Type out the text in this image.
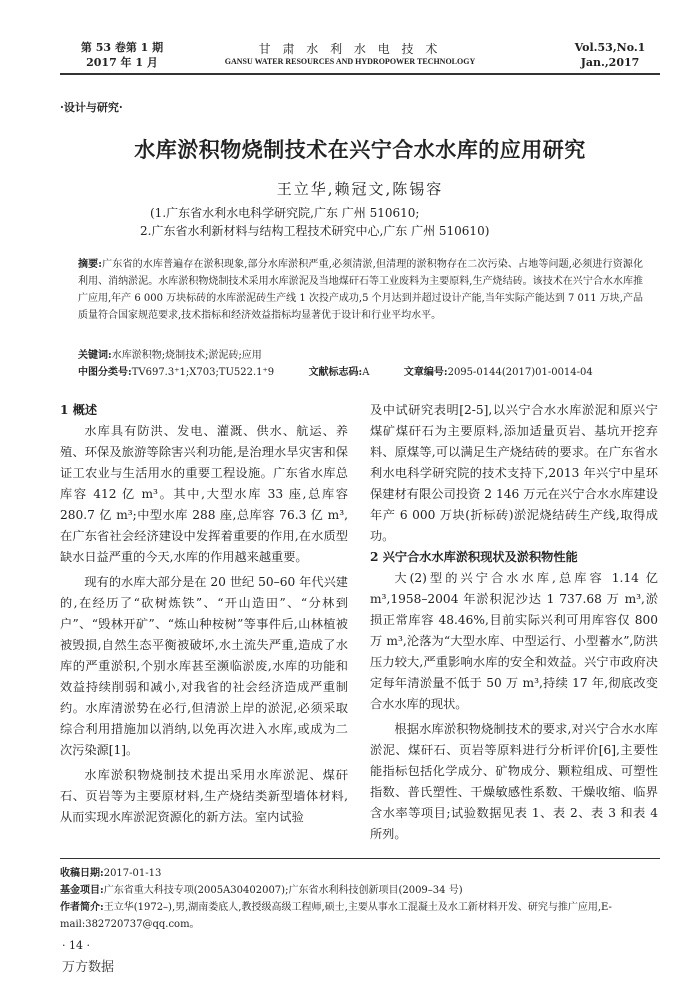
第 53 卷第 1 期
2017 年 1 月
甘 肃 水 利 水 电 技 术
GANSU WATER RESOURCES AND HYDROPOWER TECHNOLOGY
Vol.53,No.1
Jan.,2017
·设计与研究·
水库淤积物烧制技术在兴宁合水水库的应用研究
王立华,赖冠文,陈锡容
(1.广东省水利水电科学研究院,广东 广州 510610;
2.广东省水利新材料与结构工程技术研究中心,广东 广州 510610)
摘要:广东省的水库普遍存在淤积现象,部分水库淤积严重,必须清淤,但清理的淤积物存在二次污染、占地等问题,必须进行资源化利用、消纳淤泥。水库淤积物烧制技术采用水库淤泥及当地煤矸石等工业废料为主要原料,生产烧结砖。该技术在兴宁合水水库推广应用,年产 6 000 万块标砖的水库淤泥砖生产线 1 次投产成功,5 个月达到并超过设计产能,当年实际产能达到 7 011 万块,产品质量符合国家规范要求,技术指标和经济效益指标均显著优于设计和行业平均水平。
关键词:水库淤积物;烧制技术;淤泥砖;应用
中图分类号:TV697.3⁺1;X703;TU522.1⁺9	文献标志码:A	文章编号:2095-0144(2017)01-0014-04
1 概述

水库具有防洪、发电、灌溉、供水、航运、养殖、环保及旅游等除害兴利功能,是治理水旱灾害和保证工农业与生活用水的重要工程设施。广东省水库总库容 412 亿 m³。其中,大型水库 33 座,总库容 280.7 亿 m³;中型水库 288 座,总库容 76.3 亿 m³,在广东省社会经济建设中发挥着重要的作用,在水质型缺水日益严重的今天,水库的作用越来越重要。

现有的水库大部分是在 20 世纪 50–60 年代兴建的,在经历了“砍树炼铁”、“开山造田”、“分林到户”、“毁林开矿”、“炼山种桉树”等事件后,山林植被被毁损,自然生态平衡被破坏,水土流失严重,造成了水库的严重淤积,个别水库甚至濒临淤废,水库的功能和效益持续削弱和减小,对我省的社会经济造成严重制约。水库清淤势在必行,但清淤上岸的淤泥,必须采取综合利用措施加以消纳,以免再次进入水库,或成为二次污染源[1]。

水库淤积物烧制技术提出采用水库淤泥、煤矸石、页岩等为主要原材料,生产烧结类新型墙体材料,从而实现水库淤泥资源化的新方法。室内试验

及中试研究表明[2-5],以兴宁合水水库淤泥和原兴宁煤矿煤矸石为主要原料,添加适量页岩、基坑开挖弃料、原煤等,可以满足生产烧结砖的要求。在广东省水利水电科学研究院的技术支持下,2013 年兴宁中星环保建材有限公司投资 2 146 万元在兴宁合水水库建设年产 6 000 万块(折标砖)淤泥烧结砖生产线,取得成功。

2 兴宁合水水库淤积现状及淤积物性能

大(2)型的兴宁合水水库,总库容 1.14 亿 m³,1958–2004 年淤积泥沙达 1 737.68 万 m³,淤损正常库容 48.46%,目前实际兴利可用库容仅 800 万 m³,沦落为“大型水库、中型运行、小型蓄水”,防洪压力较大,严重影响水库的安全和效益。兴宁市政府决定每年清淤量不低于 50 万 m³,持续 17 年,彻底改变合水水库的现状。

根据水库淤积物烧制技术的要求,对兴宁合水水库淤泥、煤矸石、页岩等原料进行分析评价[6],主要性能指标包括化学成分、矿物成分、颗粒组成、可塑性指数、普氏塑性、干燥敏感性系数、干燥收缩、临界含水率等项目;试验数据见表 1、表 2、表 3 和表 4 所列。

收稿日期:2017-01-13
基金项目:广东省重大科技专项(2005A30402007);广东省水利科技创新项目(2009–34 号)
作者简介:王立华(1972–),男,湖南娄底人,教授级高级工程师,硕士,主要从事水工混凝土及水工新材料开发、研究与推广应用,E-mail:382720737@qq.com。
· 14 ·
万方数据
